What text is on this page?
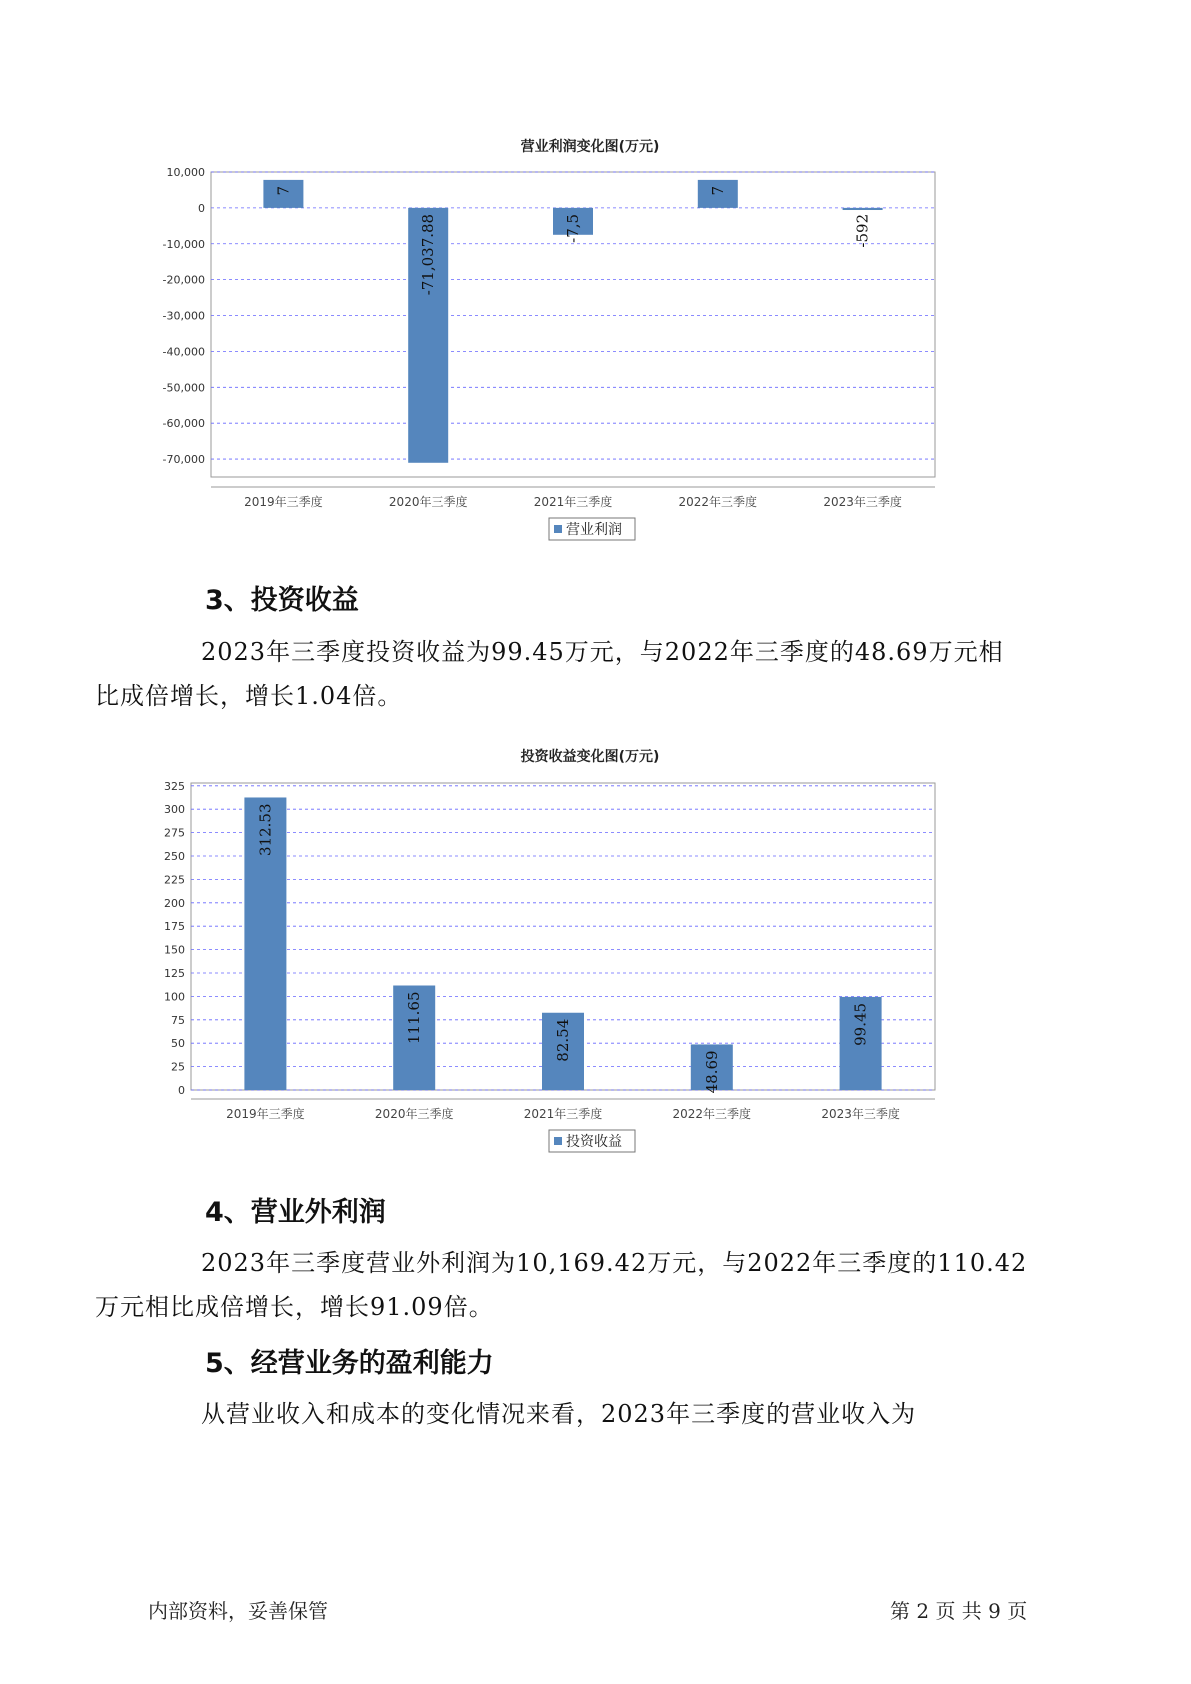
营业利润变化图(万元)
10,000
0
-10,000
-20,000
-30,000
-40,000
-50,000
-60,000
-70,000
7
2019年三季度
-71,037.88
2020年三季度
-7,5
2021年三季度
7
2022年三季度
-592
2023年三季度
营业利润
投资收益变化图(万元)
325
300
275
250
225
200
175
150
125
100
75
50
25
0
312.53
2019年三季度
111.65
2020年三季度
82.54
2021年三季度
48.69
2022年三季度
99.45
2023年三季度
投资收益
3、投资收益

2023年三季度投资收益为99.45万元，与2022年三季度的48.69万元相
比成倍增长，增长1.04倍。

4、营业外利润

2023年三季度营业外利润为10,169.42万元，与2022年三季度的110.42
万元相比成倍增长，增长91.09倍。

5、经营业务的盈利能力

从营业收入和成本的变化情况来看，2023年三季度的营业收入为

内部资料，妥善保管	第 2 页 共 9 页
